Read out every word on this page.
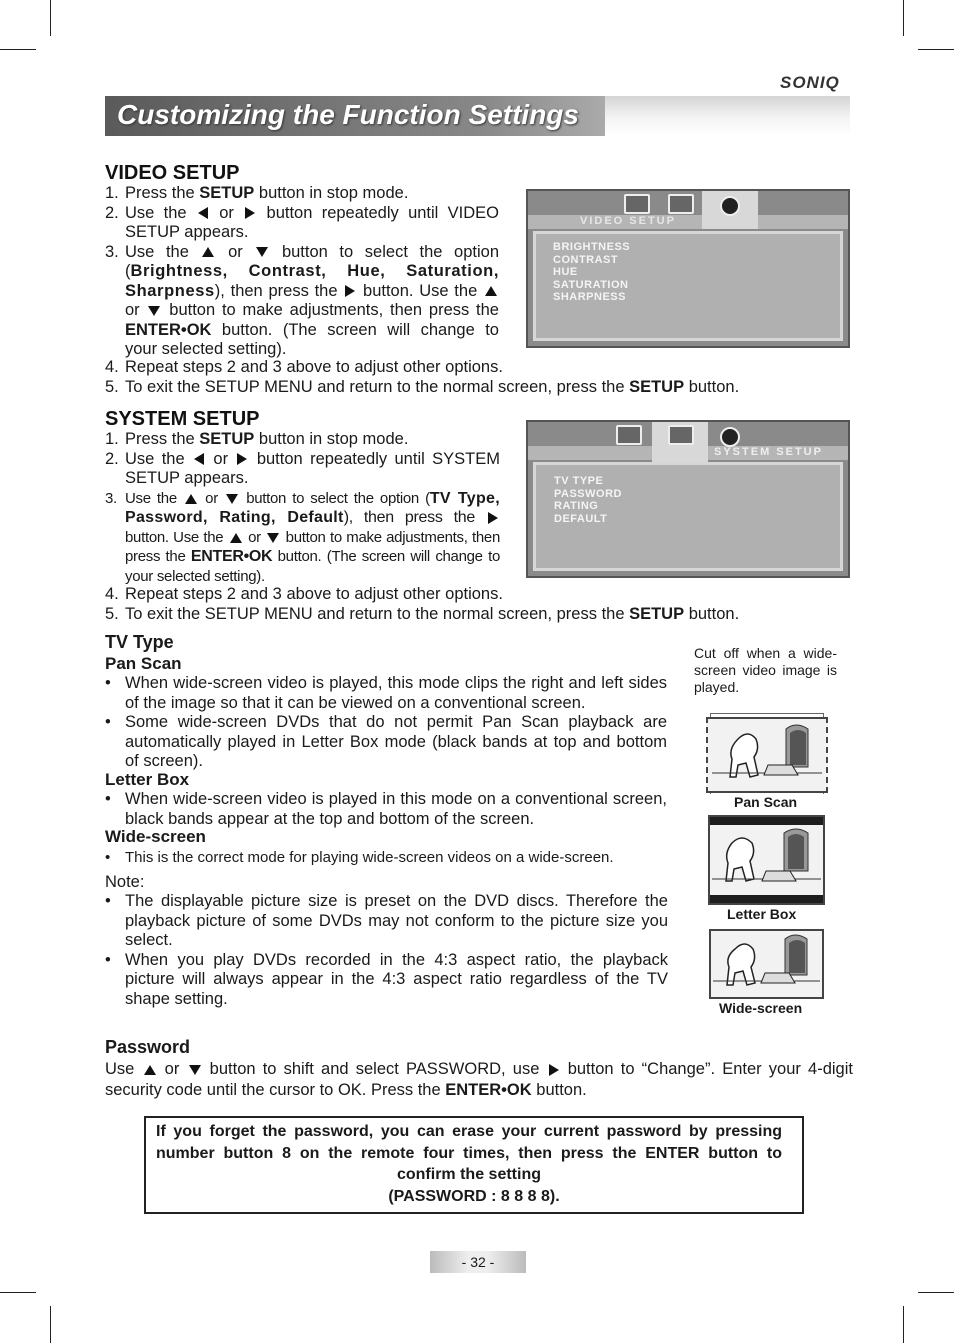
SONIQ
Customizing the Function Settings
VIDEO SETUP
1. Press the SETUP button in stop mode.
2. Use the  or  button repeatedly until VIDEO SETUP appears.
3. Use the  or  button to select the option (Brightness, Contrast, Hue, Saturation, Sharpness), then press the  button. Use the  or  button to make adjustments, then press the ENTER•OK button. (The screen will change to your selected setting).
4. Repeat steps 2 and 3 above to adjust other options.
5. To exit the SETUP MENU and return to the normal screen, press the SETUP button.
VIDEO SETUP
BRIGHTNESS
CONTRAST
HUE
SATURATION
SHARPNESS
SYSTEM SETUP
1. Press the SETUP button in stop mode.
2. Use the  or  button repeatedly until SYSTEM SETUP appears.
3. Use the  or  button to select the option (TV Type, Password, Rating, Default), then press the  button. Use the  or  button to make adjustments, then press the ENTER•OK button. (The screen will change to your selected setting).
4. Repeat steps 2 and 3 above to adjust other options.
5. To exit the SETUP MENU and return to the normal screen, press the SETUP button.
SYSTEM SETUP
TV TYPE
PASSWORD
RATING
DEFAULT
TV Type
Pan Scan
• When wide-screen video is played, this mode clips the right and left sides of the image so that it can be viewed on a conventional screen.
• Some wide-screen DVDs that do not permit Pan Scan playback are automatically played in Letter Box mode (black bands at top and bottom of screen).
Letter Box
• When wide-screen video is played in this mode on a conventional screen, black bands appear at the top and bottom of the screen.
Wide-screen
• This is the correct mode for playing wide-screen videos on a wide-screen.
Note:
• The displayable picture size is preset on the DVD discs. Therefore the playback picture of some DVDs may not conform to the picture size you select.
• When you play DVDs recorded in the 4:3 aspect ratio, the playback picture will always appear in the 4:3 aspect ratio regardless of the TV shape setting.
Cut off when a wide-screen video image is played.
Pan Scan
Letter Box
Wide-screen
Password
Use  or  button to shift and select PASSWORD, use  button to “Change”. Enter your 4-digit security code until the cursor to OK. Press the ENTER•OK button.
If you forget the password, you can erase your current password by pressing number button 8 on the remote four times, then press the ENTER button to confirm the setting
(PASSWORD : 8 8 8 8).
- 32 -
